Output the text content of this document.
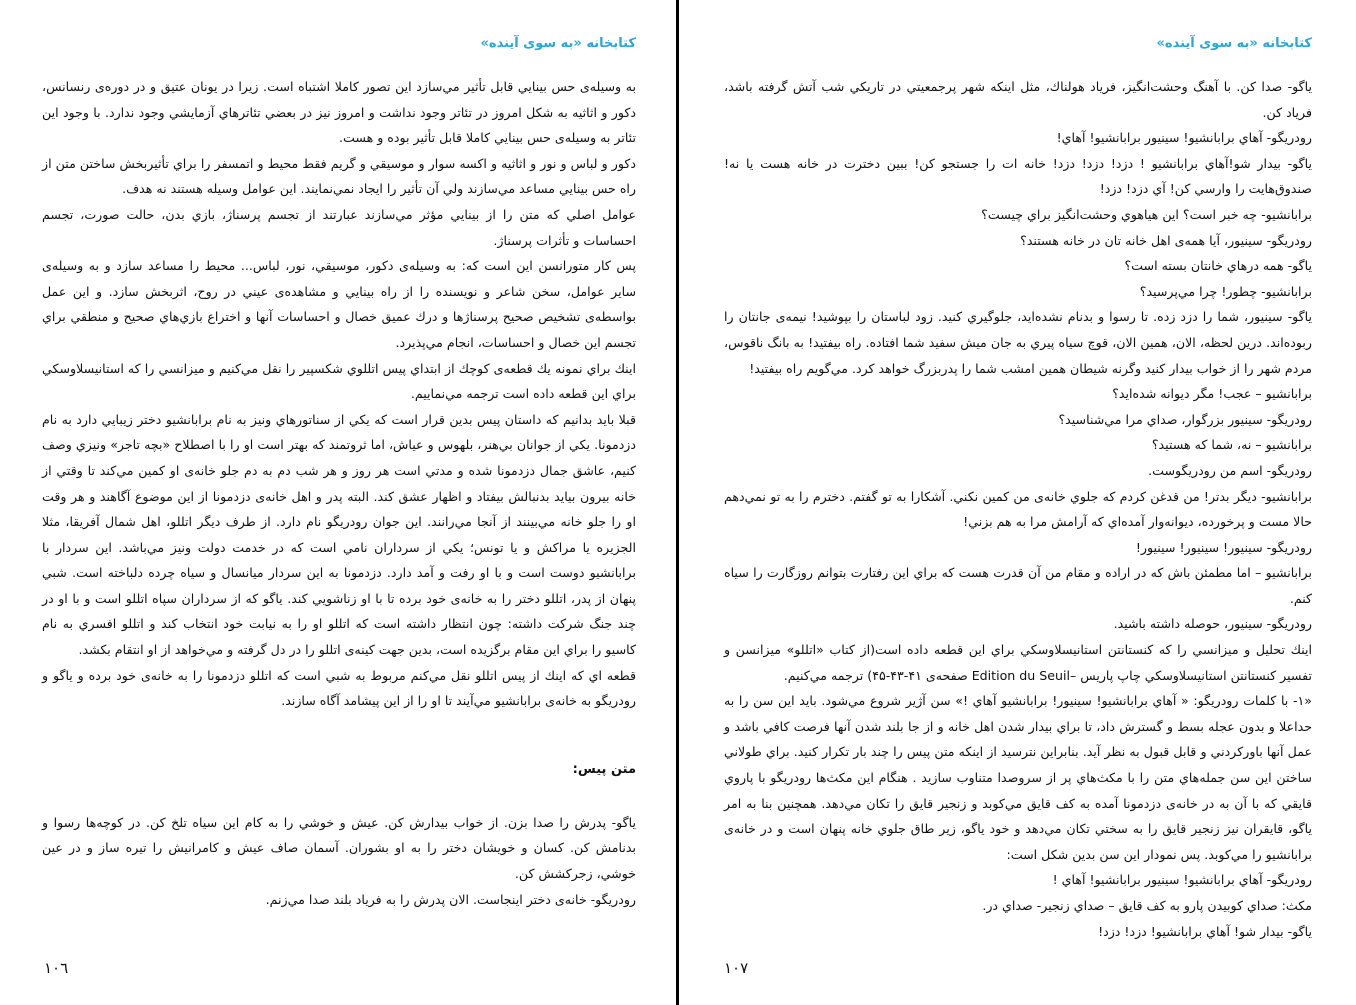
کتابخانه «به سوی آینده»

به وسيله‌ی حس بينايي قابل تأثير مي‌سازد اين تصور كاملا اشتباه است. زيرا در يونان عتيق و در دوره‌ی رنسانس، دكور و اثاثيه به شكل امروز در تئاتر وجود نداشت و امروز نيز در بعضي تئاترهاي آزمايشي وجود ندارد. با وجود اين تئاتر به وسيله‌ی حس بينايي كاملا قابل تأثير بوده و هست.

دكور و لباس و نور و اثاثيه و اكسه سوار و موسيقي و گريم فقط محيط و اتمسفر را براي تأثيربخش ساختن متن از راه حس بينايي مساعد مي‌سازند ولي آن تأثير را ايجاد نمي‌نمايند. اين عوامل وسيله هستند نه هدف.

عوامل اصلي كه متن را از بينايي مؤثر مي‌سازند عبارتند از تجسم پرسناژ، بازي بدن، حالت صورت، تجسم احساسات و تأثرات پرسناژ.

پس كار متورانسن اين است كه: به وسيله‌ی دكور، موسيقي، نور، لباس... محيط را مساعد سازد و به وسيله‌ی ساير عوامل، سخن شاعر و نويسنده را از راه بينايي و مشاهده‌ی عيني در روح، اثربخش سازد. و اين عمل بواسطه‌ی تشخيص صحيح پرسناژها و درك عميق خصال و احساسات آنها و اختراع بازي‌هاي صحيح و منطقي براي تجسم اين خصال و احساسات، انجام مي‌پذيرد.

اينك براي نمونه يك قطعه‌ی كوچك از ابتداي پيس اتللوي شكسپير را نقل مي‌كنيم و ميزانسي را كه استانيسلاوسكي براي اين قطعه داده است ترجمه مي‌نماييم.

قبلا بايد بدانيم كه داستان پيس بدين قرار است كه يكي از سناتورهاي ونيز به نام برابانشيو دختر زيبايي دارد به نام دزدمونا. يكي از جوانان بي‌هنر، بلهوس و عياش، اما ثروتمند كه بهتر است او را با اصطلاح «بچه تاجر» ونيزي وصف كنيم، عاشق جمال دزدمونا شده و مدتي است هر روز و هر شب دم به دم جلو خانه‌ی او كمين مي‌كند تا وقتي از خانه بيرون بيايد بدنبالش بيفتاد و اظهار عشق كند. البته پدر و اهل خانه‌ی دزدمونا از اين موضوع آگاهند و هر وقت او را جلو خانه مي‌بينند از آنجا مي‌رانند. اين جوان رودريگو نام دارد. از طرف ديگر اتللو، اهل شمال آفريقا، مثلا الجزيره يا مراكش و يا تونس؛ يكي از سرداران نامي است كه در خدمت دولت ونيز مي‌باشد. اين سردار با برابانشيو دوست است و با او رفت و آمد دارد. دزدمونا به اين سردار ميانسال و سياه چرده دلباخته است. شبي پنهان از پدر، اتللو دختر را به خانه‌ی خود برده تا با او زناشويي كند. ياگو كه از سرداران سپاه اتللو است و با او در چند جنگ شركت داشته: چون انتظار داشته است كه اتللو او را به نيابت خود انتخاب كند و اتللو افسري به نام كاسيو را براي اين مقام برگزيده است، بدين جهت كينه‌ی اتللو را در دل گرفته و مي‌خواهد از او انتقام بكشد.

قطعه اي كه اينك از پيس اتللو نقل مي‌كنم مربوط به شبي است كه اتللو دزدمونا را به خانه‌ی خود برده و ياگو و رودريگو به خانه‌ی برابانشيو مي‌آيند تا او را از اين پيشامد آگاه سازند.

متن پيس:

ياگو- پدرش را صدا بزن. از خواب بيدارش كن. عيش و خوشي را به كام اين سياه تلخ كن. در كوچه‌ها رسوا و بدنامش كن. كسان و خويشان دختر را به او بشوران. آسمان صاف عيش و كامرانيش را تيره ساز و در عين خوشي، زجركشش كن.

رودريگو- خانه‌ی دختر اينجاست. الان پدرش را به فرياد بلند صدا مي‌زنم.

١٠٦
کتابخانه «به سوی آینده»

ياگو- صدا كن. با آهنگ وحشت‌انگيز، فرياد هولناك، مثل اينكه شهر پرجمعيتي در تاريكي شب آتش گرفته باشد، فرياد كن.

رودريگو- آهاي برابانشيو! سينيور برابانشيو! آهاي!

ياگو- بيدار شو!آهاي برابانشيو ! دزد! دزد! دزد! خانه ات را جستجو كن! ببين دخترت در خانه هست يا نه! صندوق‌هايت را وارسي كن! آي دزد! دزد!

برابانشيو- چه خبر است؟ اين هياهوي وحشت‌انگيز براي چيست؟

رودريگو- سينيور، آيا همه‌ی اهل خانه تان در خانه هستند؟

ياگو- همه درهاي خانتان بسته است؟

برابانشيو- چطور! چرا مي‌پرسيد؟

ياگو- سينيور، شما را دزد زده. تا رسوا و بدنام نشده‌ايد، جلوگيري كنيد. زود لباستان را بپوشيد! نيمه‌ی جانتان را ربوده‌اند. درين لحظه، الان، همين الان، قوچ سياه پيري به جان ميش سفيد شما افتاده. راه بيفتيد! به بانگ ناقوس، مردم شهر را از خواب بيدار كنيد وگرنه شيطان همين امشب شما را پدربزرگ خواهد كرد. مي‌گويم راه بيفتيد!

برابانشيو – عجب! مگر ديوانه شده‌ايد؟

رودريگو- سينيور بزرگوار، صداي مرا مي‌شناسيد؟

برابانشيو – نه، شما كه هستيد؟

رودريگو- اسم من رودريگوست.

برابانشيو- ديگر بدتر! من قدغن كردم كه جلوي خانه‌ی من كمين نكني. آشكارا به تو گفتم. دخترم را به تو نمي‌دهم حالا مست و پرخورده، ديوانه‌وار آمده‌اي كه آرامش مرا به هم بزني!

رودريگو- سينيور! سينيور! سينيور!

برابانشيو – اما مطمئن باش كه در اراده و مقام من آن قدرت هست كه براي اين رفتارت بتوانم روزگارت را سياه كنم.

رودريگو- سينيور، حوصله داشته باشيد.

اينك تحليل و ميزانسي را كه كنستانتن استانيسلاوسكي براي اين قطعه داده است(از كتاب «اتللو» ميزانسن و تفسير كنستانتن استانيسلاوسكي چاپ پاريس –Edition du Seuil صفحه‌ی ۴۱-۴۳-۴۵) ترجمه مي‌كنيم.

«١- با كلمات رودريگو: « آهاي برابانشيو! سينيور! برابانشيو آهاي !» سن آژير شروع مي‌شود. بايد اين سن را به حداعلا و بدون عجله بسط و گسترش داد، تا براي بيدار شدن اهل خانه و از جا بلند شدن آنها فرصت كافي باشد و عمل آنها باوركردني و قابل قبول به نظر آيد. بنابراين نترسيد از اينكه متن پيس را چند بار تكرار كنيد. براي طولاني ساختن اين سن جمله‌هاي متن را با مكث‌هاي پر از سروصدا متناوب سازيد . هنگام اين مكث‌ها رودريگو با پاروي قايقي كه با آن به در خانه‌ی دزدمونا آمده به كف قايق مي‌كوبد و زنجير قايق را تكان مي‌دهد. همچنين بنا به امر ياگو، قايقران نيز زنجير قايق را به سختي تكان مي‌دهد و خود ياگو، زير طاق جلوي خانه پنهان است و در خانه‌ی برابانشيو را مي‌كوبد. پس نمودار اين سن بدين شكل است:

رودريگو- آهاي برابانشيو! سينيور برابانشيو! آهاي !

مكث: صداي كوبيدن پارو به كف قايق – صداي زنجير- صداي در.

ياگو- بيدار شو! آهاي برابانشيو! دزد! دزد!

١٠٧
